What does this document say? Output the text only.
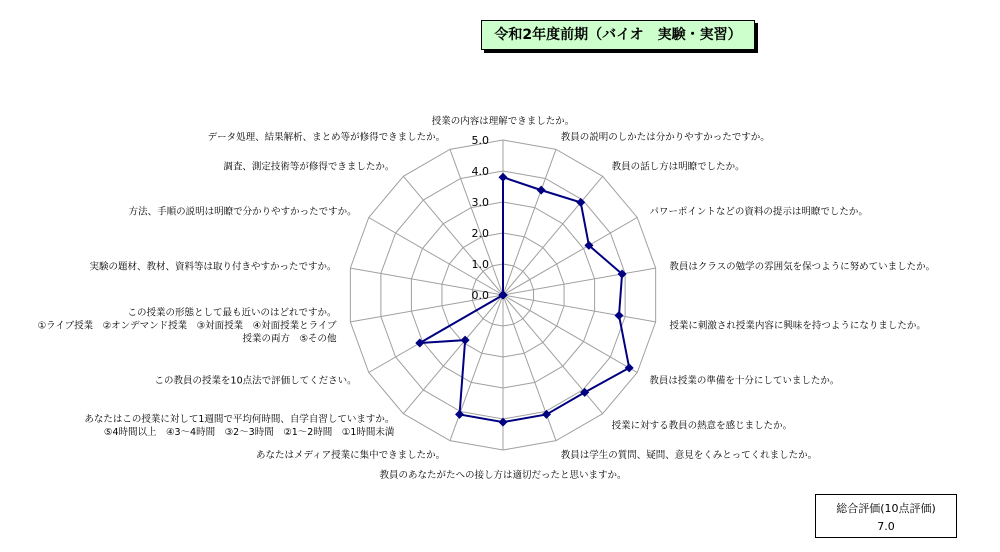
令和2年度前期（バイオ　実験・実習）
0.0
1.0
2.0
3.0
4.0
5.0
授業の内容は理解できましたか。
教員の説明のしかたは分かりやすかったですか。
教員の話し方は明瞭でしたか。
パワーポイントなどの資料の提示は明瞭でしたか。
教員はクラスの勉学の雰囲気を保つように努めていましたか。
授業に刺激され授業内容に興味を持つようになりましたか。
教員は授業の準備を十分にしていましたか。
授業に対する教員の熱意を感じましたか。
教員は学生の質問、疑問、意見をくみとってくれましたか。
教員のあなたがたへの接し方は適切だったと思いますか。
あなたはメディア授業に集中できましたか。
あなたはこの授業に対して1週間で平均何時間、自学自習していますか。 ⑤4時間以上　④3～4時間　③2～3時間　②1～2時間　①1時間未満
この教員の授業を10点法で評価してください。
この授業の形態として最も近いのはどれですか。 ①ライブ授業　②オンデマンド授業　③対面授業　④対面授業とライブ授業の両方　⑤その他
実験の題材、教材、資料等は取り付きやすかったですか。
方法、手順の説明は明瞭で分かりやすかったですか。
調査、測定技術等が修得できましたか。
データ処理、結果解析、まとめ等が修得できましたか。
総合評価(10点評価)
7.0
